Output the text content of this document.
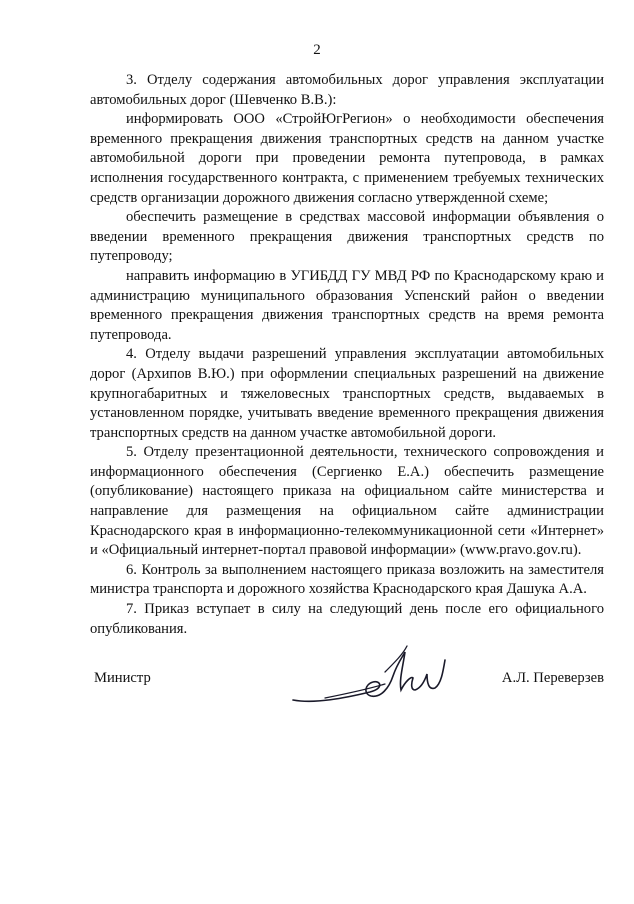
2

3. Отделу содержания автомобильных дорог управления эксплуатации автомобильных дорог (Шевченко В.В.):

информировать ООО «СтройЮгРегион» о необходимости обеспечения временного прекращения движения транспортных средств на данном участке автомобильной дороги при проведении ремонта путепровода, в рамках исполнения государственного контракта, с применением требуемых технических средств организации дорожного движения согласно утвержденной схеме;

обеспечить размещение в средствах массовой информации объявления о введении временного прекращения движения транспортных средств по путепроводу;

направить информацию в УГИБДД ГУ МВД РФ по Краснодарскому краю и администрацию муниципального образования Успенский район о введении временного прекращения движения транспортных средств на время ремонта путепровода.

4. Отделу выдачи разрешений управления эксплуатации автомобильных дорог (Архипов В.Ю.) при оформлении специальных разрешений на движение крупногабаритных и тяжеловесных транспортных средств, выдаваемых в установленном порядке, учитывать введение временного прекращения движения транспортных средств на данном участке автомобильной дороги.

5. Отделу презентационной деятельности, технического сопровождения и информационного обеспечения (Сергиенко Е.А.) обеспечить размещение (опубликование) настоящего приказа на официальном сайте министерства и направление для размещения на официальном сайте администрации Краснодарского края в информационно-телекоммуникационной сети «Интернет» и «Официальный интернет-портал правовой информации» (www.pravo.gov.ru).

6. Контроль за выполнением настоящего приказа возложить на заместителя министра транспорта и дорожного хозяйства Краснодарского края Дашука А.А.

7. Приказ вступает в силу на следующий день после его официального опубликования.

Министр	А.Л. Переверзев
